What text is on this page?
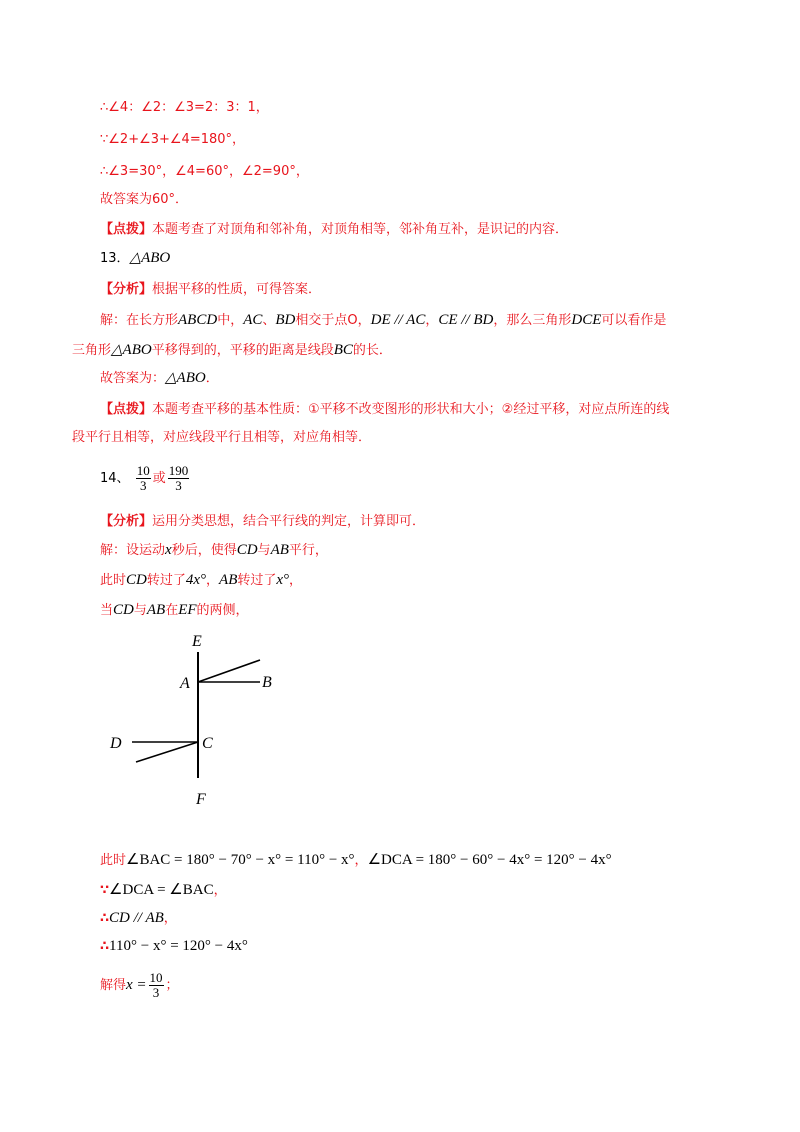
∴∠4：∠2：∠3=2：3：1，
∵∠2+∠3+∠4=180°，
∴∠3=30°，∠4=60°，∠2=90°，
故答案为60°．
【点拨】本题考查了对顶角和邻补角，对顶角相等，邻补角互补，是识记的内容．
13．△ABO
【分析】根据平移的性质，可得答案．
解：在长方形ABCD中，AC、BD相交于点O，DE // AC，CE // BD，那么三角形DCE可以看作是
三角形△ABO平移得到的，平移的距离是线段BC的长．
故答案为：△ABO．
【点拨】本题考查平移的基本性质：①平移不改变图形的形状和大小；②经过平移，对应点所连的线
段平行且相等，对应线段平行且相等，对应角相等．
14、 $\frac{10}{3}$ 或 $\frac{190}{3}$
【分析】运用分类思想，结合平行线的判定，计算即可．
解：设运动x秒后，使得CD与AB平行，
此时CD转过了4x°，AB转过了x°，
当CD与AB在EF的两侧，
E
A	B
D	C
F
此时∠BAC = 180° − 70° − x° = 110° − x°，∠DCA = 180° − 60° − 4x° = 120° − 4x°
∵∠DCA = ∠BAC，
∴CD // AB，
∴110° − x° = 120° − 4x°
解得$x = \frac{10}{3}$ ；
